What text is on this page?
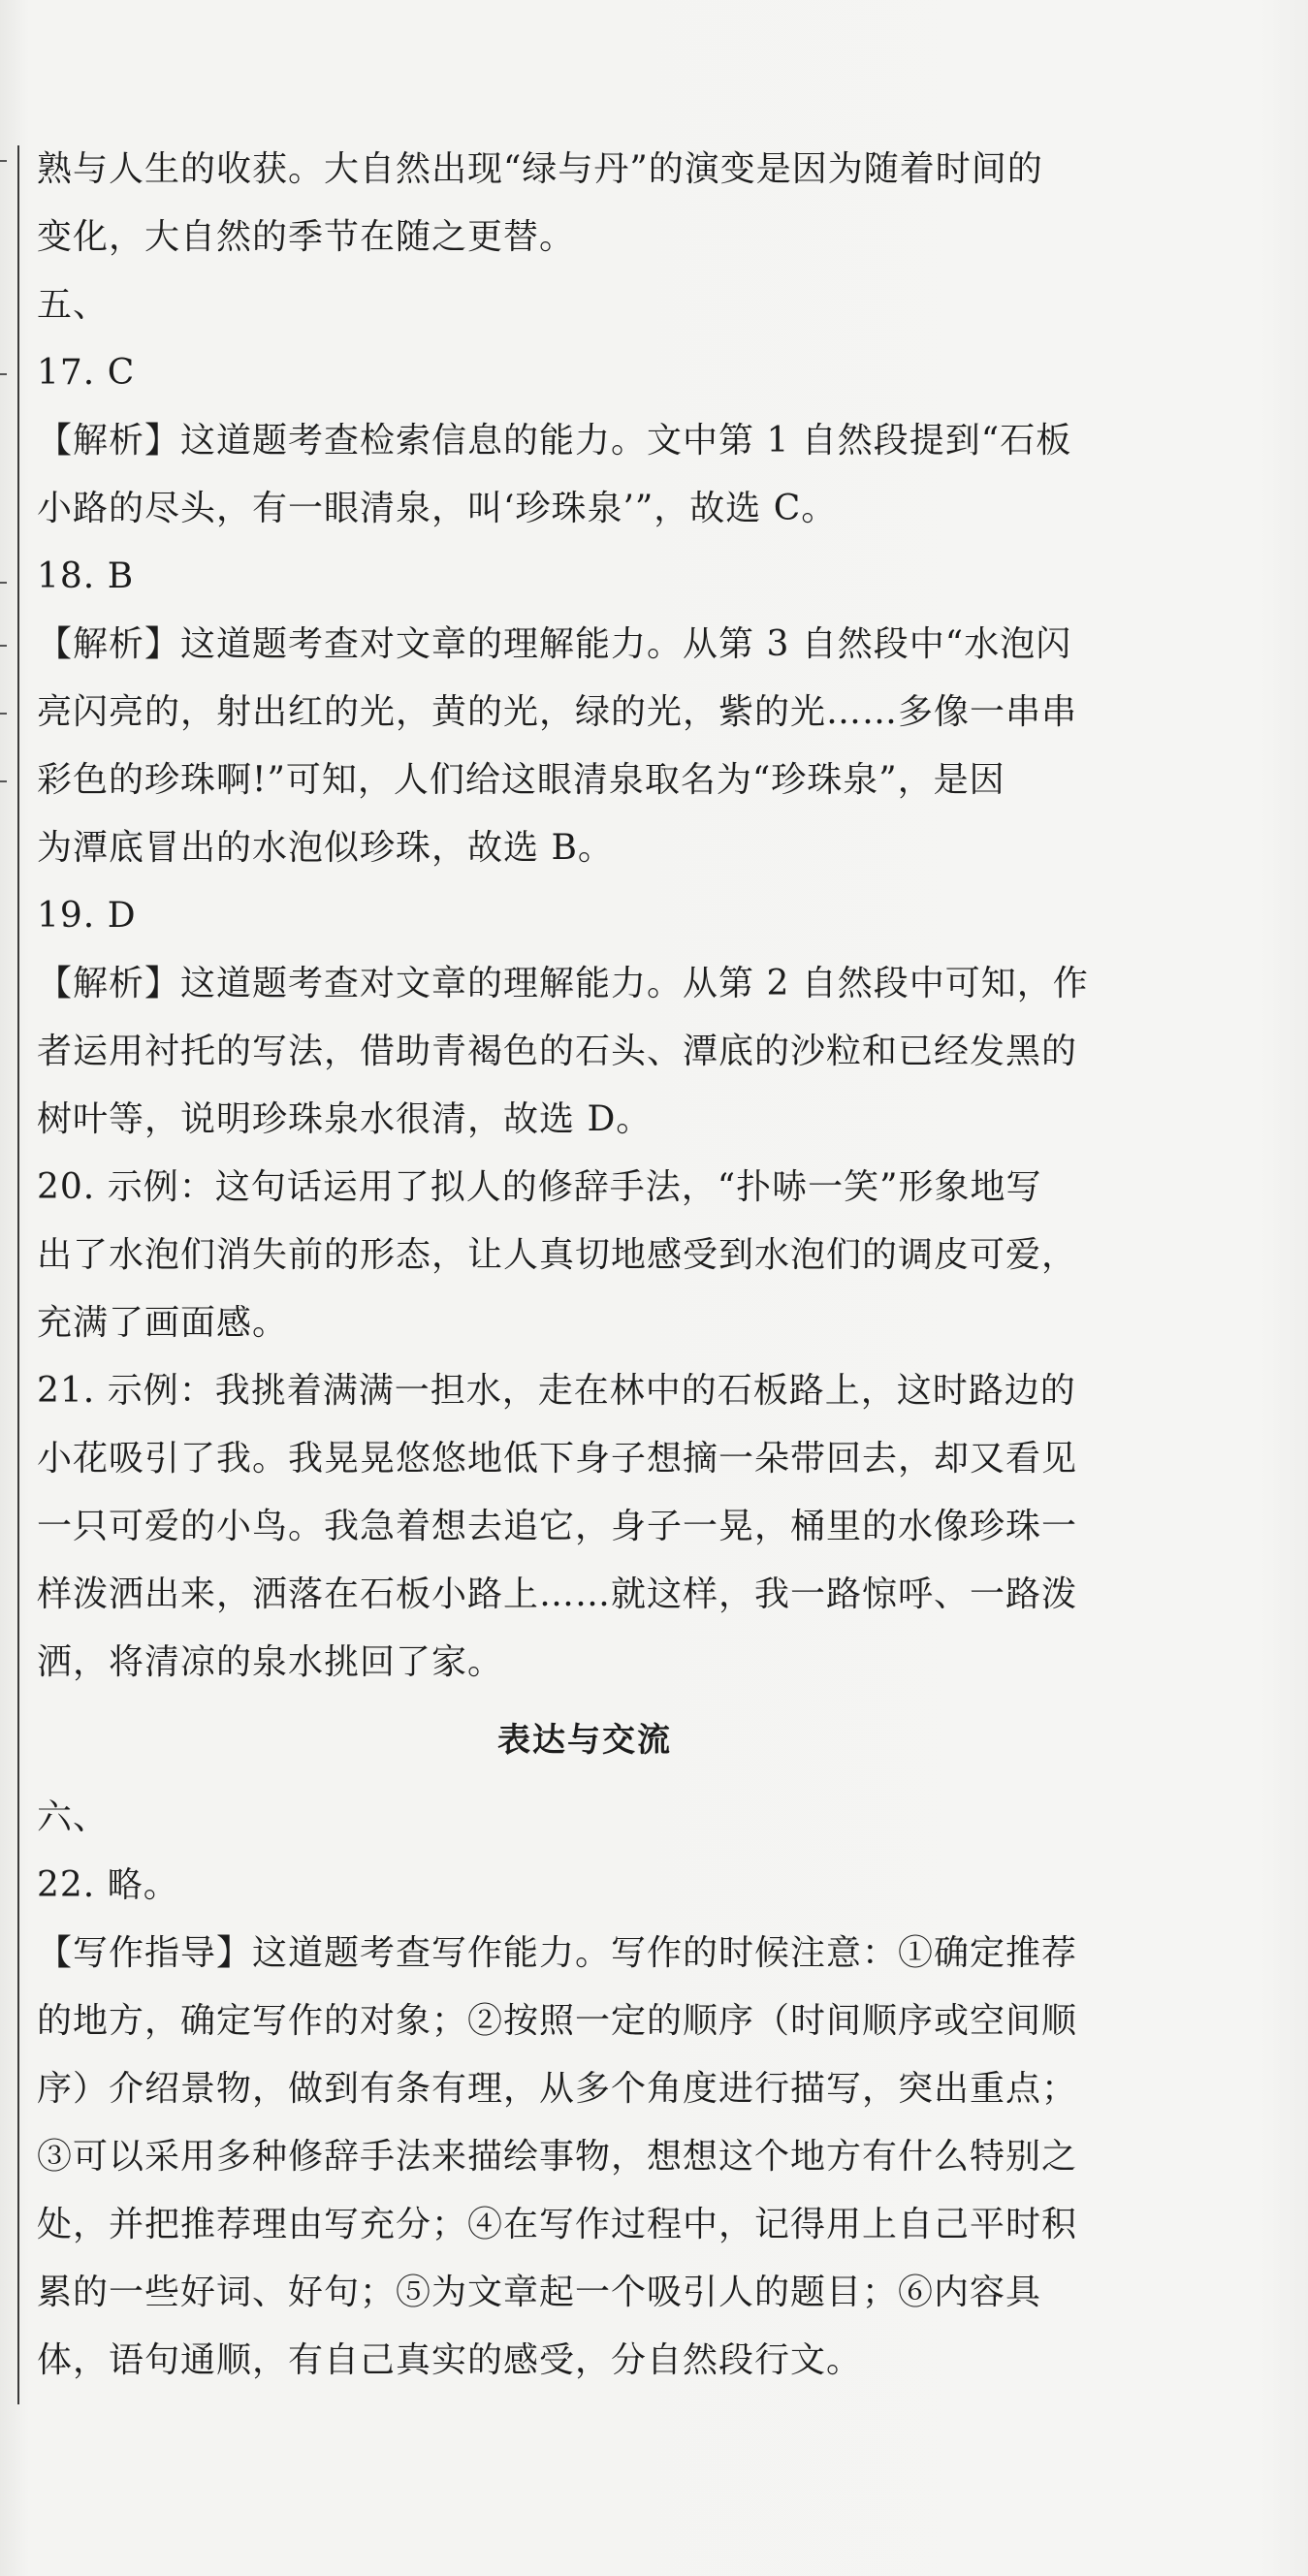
熟与人生的收获。大自然出现“绿与丹”的演变是因为随着时间的
变化，大自然的季节在随之更替。
五、
17. C
【解析】这道题考查检索信息的能力。文中第 1 自然段提到“石板
小路的尽头，有一眼清泉，叫‘珍珠泉’”，故选 C。
18. B
【解析】这道题考查对文章的理解能力。从第 3 自然段中“水泡闪
亮闪亮的，射出红的光，黄的光，绿的光，紫的光……多像一串串
彩色的珍珠啊!”可知，人们给这眼清泉取名为“珍珠泉”，是因
为潭底冒出的水泡似珍珠，故选 B。
19. D
【解析】这道题考查对文章的理解能力。从第 2 自然段中可知，作
者运用衬托的写法，借助青褐色的石头、潭底的沙粒和已经发黑的
树叶等，说明珍珠泉水很清，故选 D。
20. 示例：这句话运用了拟人的修辞手法，“扑哧一笑”形象地写
出了水泡们消失前的形态，让人真切地感受到水泡们的调皮可爱，
充满了画面感。
21. 示例：我挑着满满一担水，走在林中的石板路上，这时路边的
小花吸引了我。我晃晃悠悠地低下身子想摘一朵带回去，却又看见
一只可爱的小鸟。我急着想去追它，身子一晃，桶里的水像珍珠一
样泼洒出来，洒落在石板小路上……就这样，我一路惊呼、一路泼
洒，将清凉的泉水挑回了家。
表达与交流
六、
22. 略。
【写作指导】这道题考查写作能力。写作的时候注意：①确定推荐
的地方，确定写作的对象；②按照一定的顺序（时间顺序或空间顺
序）介绍景物，做到有条有理，从多个角度进行描写，突出重点；
③可以采用多种修辞手法来描绘事物，想想这个地方有什么特别之
处，并把推荐理由写充分；④在写作过程中，记得用上自己平时积
累的一些好词、好句；⑤为文章起一个吸引人的题目；⑥内容具
体，语句通顺，有自己真实的感受，分自然段行文。
